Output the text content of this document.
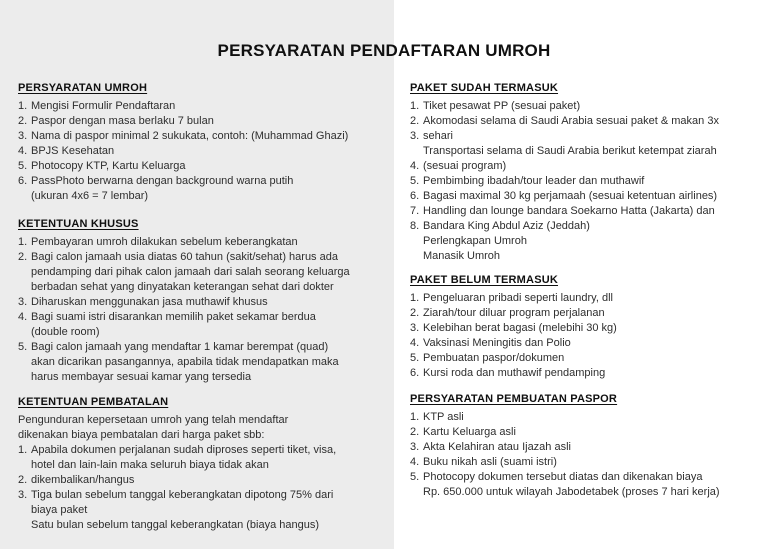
PERSYARATAN PENDAFTARAN UMROH
PERSYARATAN UMROH
1. Mengisi Formulir Pendaftaran
2. Paspor dengan masa berlaku 7 bulan
3. Nama di paspor minimal 2 sukukata, contoh: (Muhammad Ghazi)
4. BPJS Kesehatan
5. Photocopy KTP, Kartu Keluarga
6. PassPhoto berwarna dengan background warna putih
(ukuran 4x6 = 7 lembar)
KETENTUAN KHUSUS
1. Pembayaran umroh dilakukan sebelum keberangkatan
2. Bagi calon jamaah usia diatas 60 tahun (sakit/sehat) harus ada
pendamping dari pihak calon jamaah dari salah seorang keluarga
berbadan sehat yang dinyatakan keterangan sehat dari dokter
3. Diharuskan menggunakan jasa muthawif khusus
4. Bagi suami istri disarankan memilih paket sekamar berdua
(double room)
5. Bagi calon jamaah yang mendaftar 1 kamar berempat (quad)
akan dicarikan pasangannya, apabila tidak mendapatkan maka
harus membayar sesuai kamar yang tersedia
KETENTUAN PEMBATALAN

Pengunduran kepersetaan umroh yang telah mendaftar

dikenakan biaya pembatalan dari harga paket sbb:

1. Apabila dokumen perjalanan sudah diproses seperti tiket, visa,
hotel dan lain-lain maka seluruh biaya tidak akan
2. dikembalikan/hangus
3. Tiga bulan sebelum tanggal keberangkatan dipotong 75% dari
biaya paket
Satu bulan sebelum tanggal keberangkatan (biaya hangus)
PAKET SUDAH TERMASUK
1. Tiket pesawat PP (sesuai paket)
2. Akomodasi selama di Saudi Arabia sesuai paket & makan 3x
3. sehari
Transportasi selama di Saudi Arabia berikut ketempat ziarah
4. (sesuai program)
5. Pembimbing ibadah/tour leader dan muthawif
6. Bagasi maximal 30 kg perjamaah (sesuai ketentuan airlines)
7. Handling dan lounge bandara Soekarno Hatta (Jakarta) dan
8. Bandara King Abdul Aziz (Jeddah)
Perlengkapan Umroh
Manasik Umroh
PAKET BELUM TERMASUK
1. Pengeluaran pribadi seperti laundry, dll
2. Ziarah/tour diluar program perjalanan
3. Kelebihan berat bagasi (melebihi 30 kg)
4. Vaksinasi Meningitis dan Polio
5. Pembuatan paspor/dokumen
6. Kursi roda dan muthawif pendamping
PERSYARATAN PEMBUATAN PASPOR
1. KTP asli
2. Kartu Keluarga asli
3. Akta Kelahiran atau Ijazah asli
4. Buku nikah asli (suami istri)
5. Photocopy dokumen tersebut diatas dan dikenakan biaya
Rp. 650.000 untuk wilayah Jabodetabek (proses 7 hari kerja)
